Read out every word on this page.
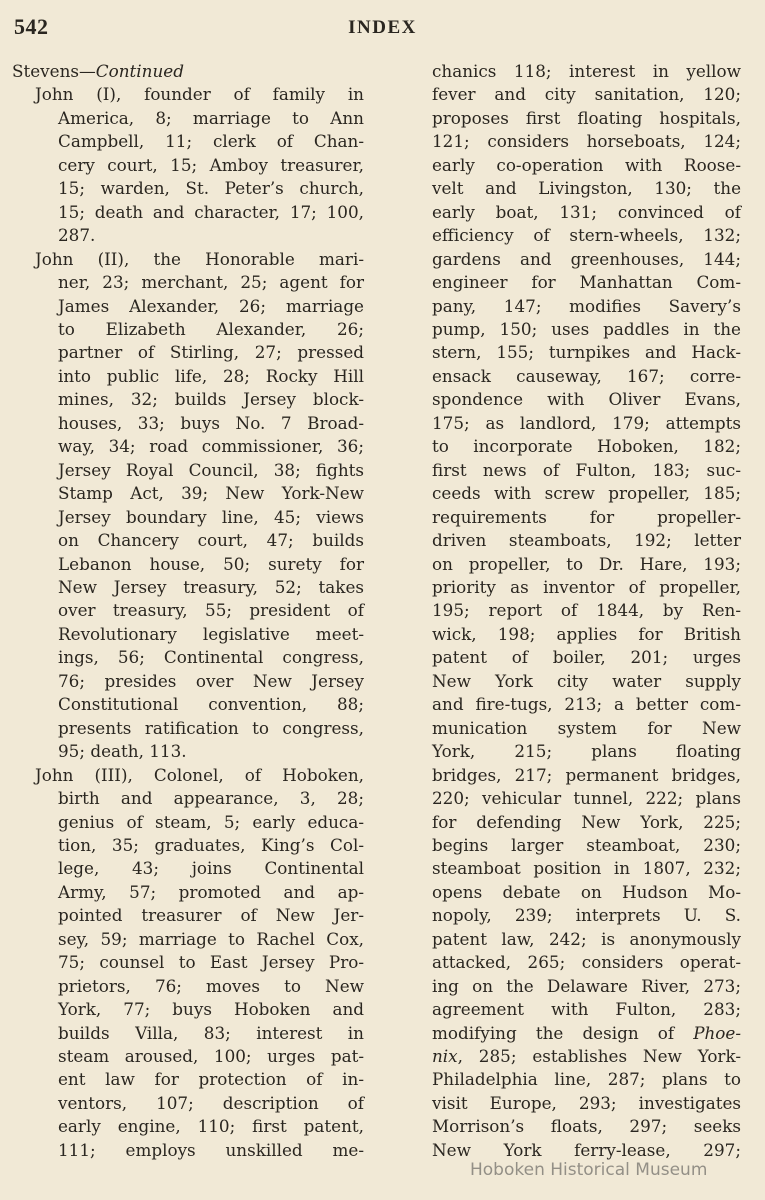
542	INDEX
Stevens—Continued
John (I), founder of family in
America, 8; marriage to Ann
Campbell, 11; clerk of Chan-
cery court, 15; Amboy treasurer,
15; warden, St. Peter’s church,
15; death and character, 17; 100,
287.
John (II), the Honorable mari-
ner, 23; merchant, 25; agent for
James Alexander, 26; marriage
to Elizabeth Alexander, 26;
partner of Stirling, 27; pressed
into public life, 28; Rocky Hill
mines, 32; builds Jersey block-
houses, 33; buys No. 7 Broad-
way, 34; road commissioner, 36;
Jersey Royal Council, 38; fights
Stamp Act, 39; New York-New
Jersey boundary line, 45; views
on Chancery court, 47; builds
Lebanon house, 50; surety for
New Jersey treasury, 52; takes
over treasury, 55; president of
Revolutionary legislative meet-
ings, 56; Continental congress,
76; presides over New Jersey
Constitutional convention, 88;
presents ratification to congress,
95; death, 113.
John (III), Colonel, of Hoboken,
birth and appearance, 3, 28;
genius of steam, 5; early educa-
tion, 35; graduates, King’s Col-
lege, 43; joins Continental
Army, 57; promoted and ap-
pointed treasurer of New Jer-
sey, 59; marriage to Rachel Cox,
75; counsel to East Jersey Pro-
prietors, 76; moves to New
York, 77; buys Hoboken and
builds Villa, 83; interest in
steam aroused, 100; urges pat-
ent law for protection of in-
ventors, 107; description of
early engine, 110; first patent,
111; employs unskilled me-
chanics 118; interest in yellow
fever and city sanitation, 120;
proposes first floating hospitals,
121; considers horseboats, 124;
early co-operation with Roose-
velt and Livingston, 130; the
early boat, 131; convinced of
efficiency of stern-wheels, 132;
gardens and greenhouses, 144;
engineer for Manhattan Com-
pany, 147; modifies Savery’s
pump, 150; uses paddles in the
stern, 155; turnpikes and Hack-
ensack causeway, 167; corre-
spondence with Oliver Evans,
175; as landlord, 179; attempts
to incorporate Hoboken, 182;
first news of Fulton, 183; suc-
ceeds with screw propeller, 185;
requirements for propeller-
driven steamboats, 192; letter
on propeller, to Dr. Hare, 193;
priority as inventor of propeller,
195; report of 1844, by Ren-
wick, 198; applies for British
patent of boiler, 201; urges
New York city water supply
and fire-tugs, 213; a better com-
munication system for New
York, 215; plans floating
bridges, 217; permanent bridges,
220; vehicular tunnel, 222; plans
for defending New York, 225;
begins larger steamboat, 230;
steamboat position in 1807, 232;
opens debate on Hudson Mo-
nopoly, 239; interprets U. S.
patent law, 242; is anonymously
attacked, 265; considers operat-
ing on the Delaware River, 273;
agreement with Fulton, 283;
modifying the design of Phoe-
nix, 285; establishes New York-
Philadelphia line, 287; plans to
visit Europe, 293; investigates
Morrison’s floats, 297; seeks
New York ferry-lease, 297;
Hoboken Historical Museum
